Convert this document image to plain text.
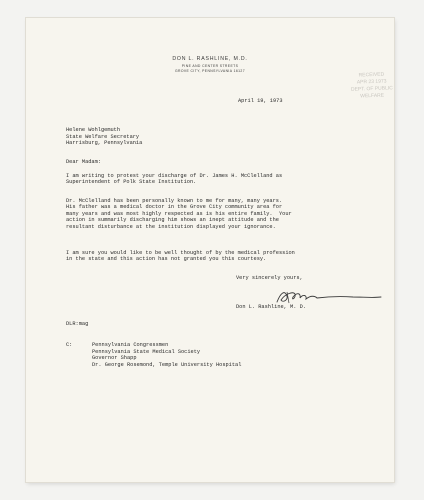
DON L. RASHLINE, M.D.
PINE AND CENTER STREETS
GROVE CITY, PENNSYLVANIA 16127
RECEIVED
APR 23 1973
DEPT. OF PUBLIC WELFARE

April 19, 1973

Helene Wohlgemuth

State Welfare Secretary

Harrisburg, Pennsylvania

Dear Madam:

I am writing to protest your discharge of Dr. James H. McClelland as
Superintendent of Polk State Institution.

Dr. McClelland has been personally known to me for many, many years.
His father was a medical doctor in the Grove City community area for
many years and was most highly respected as is his entire family.  Your
action in summarily discharging him shows an inept attitude and the
resultant disturbance at the institution displayed your ignorance.

I am sure you would like to be well thought of by the medical profession
in the state and this action has not granted you this courtesy.

Very sincerely yours,

Don L. Rashline, M. D.

DLR:mag

C:	Pennsylvania Congressmen

Pennsylvania State Medical Society

Governor Shapp

Dr. George Rosemond, Temple University Hospital
